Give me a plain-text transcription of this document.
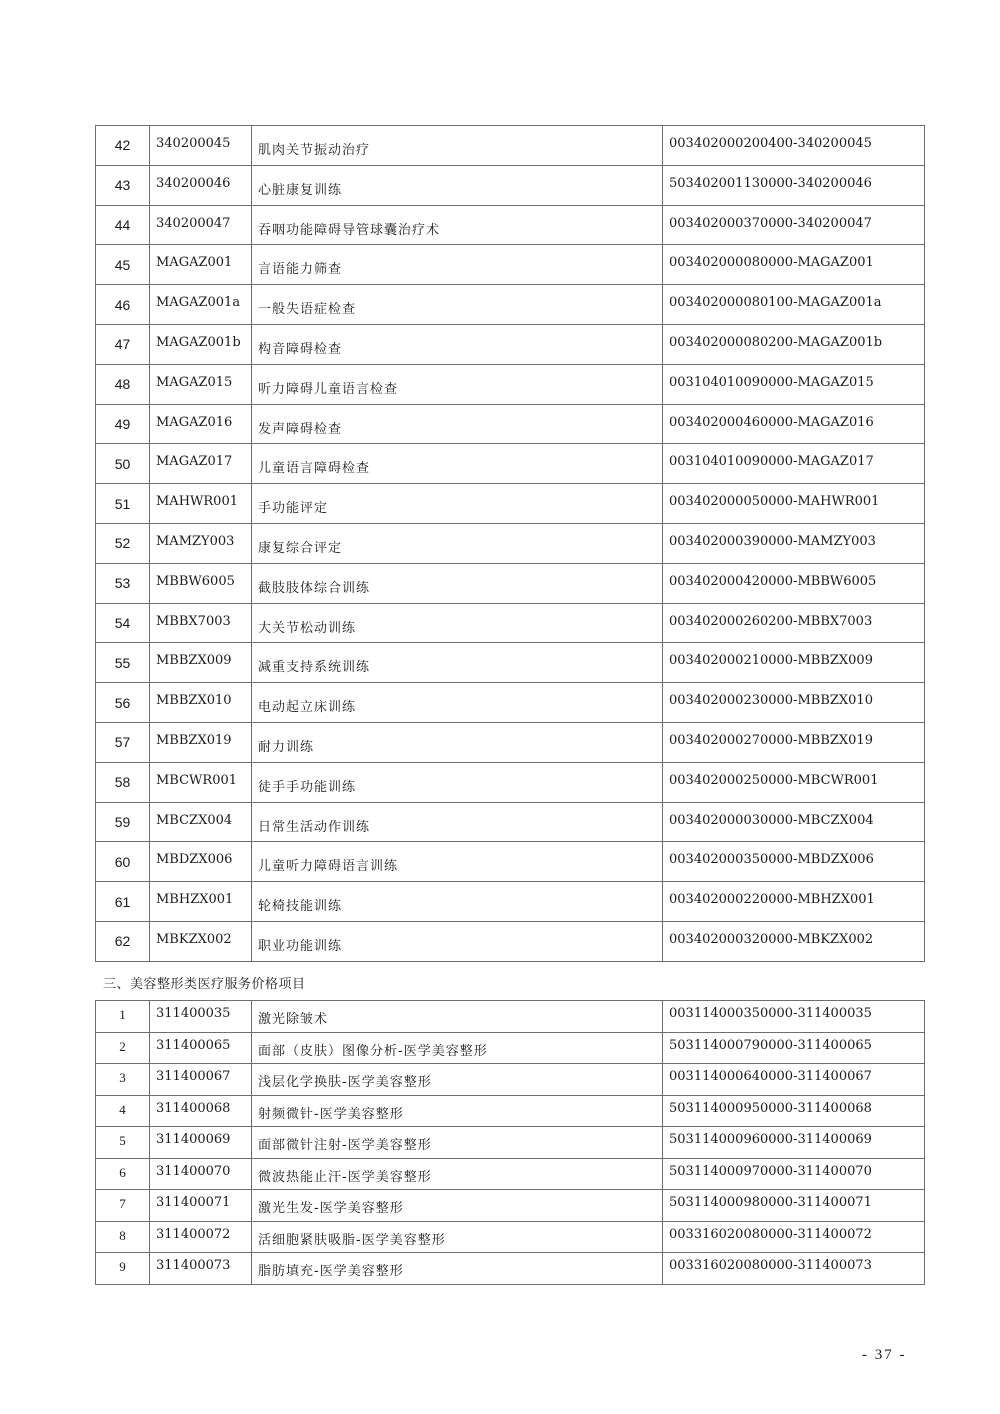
42	340200045	肌肉关节振动治疗	003402000200400-340200045
43	340200046	心脏康复训练	503402001130000-340200046
44	340200047	吞咽功能障碍导管球囊治疗术	003402000370000-340200047
45	MAGAZ001	言语能力筛查	003402000080000-MAGAZ001
46	MAGAZ001a	一般失语症检查	003402000080100-MAGAZ001a
47	MAGAZ001b	构音障碍检查	003402000080200-MAGAZ001b
48	MAGAZ015	听力障碍儿童语言检查	003104010090000-MAGAZ015
49	MAGAZ016	发声障碍检查	003402000460000-MAGAZ016
50	MAGAZ017	儿童语言障碍检查	003104010090000-MAGAZ017
51	MAHWR001	手功能评定	003402000050000-MAHWR001
52	MAMZY003	康复综合评定	003402000390000-MAMZY003
53	MBBW6005	截肢肢体综合训练	003402000420000-MBBW6005
54	MBBX7003	大关节松动训练	003402000260200-MBBX7003
55	MBBZX009	减重支持系统训练	003402000210000-MBBZX009
56	MBBZX010	电动起立床训练	003402000230000-MBBZX010
57	MBBZX019	耐力训练	003402000270000-MBBZX019
58	MBCWR001	徒手手功能训练	003402000250000-MBCWR001
59	MBCZX004	日常生活动作训练	003402000030000-MBCZX004
60	MBDZX006	儿童听力障碍语言训练	003402000350000-MBDZX006
61	MBHZX001	轮椅技能训练	003402000220000-MBHZX001
62	MBKZX002	职业功能训练	003402000320000-MBKZX002
三、美容整形类医疗服务价格项目
1	311400035	激光除皱术	003114000350000-311400035
2	311400065	面部（皮肤）图像分析-医学美容整形	503114000790000-311400065
3	311400067	浅层化学换肤-医学美容整形	003114000640000-311400067
4	311400068	射频微针-医学美容整形	503114000950000-311400068
5	311400069	面部微针注射-医学美容整形	503114000960000-311400069
6	311400070	微波热能止汗-医学美容整形	503114000970000-311400070
7	311400071	激光生发-医学美容整形	503114000980000-311400071
8	311400072	活细胞紧肤吸脂-医学美容整形	003316020080000-311400072
9	311400073	脂肪填充-医学美容整形	003316020080000-311400073
- 37 -
